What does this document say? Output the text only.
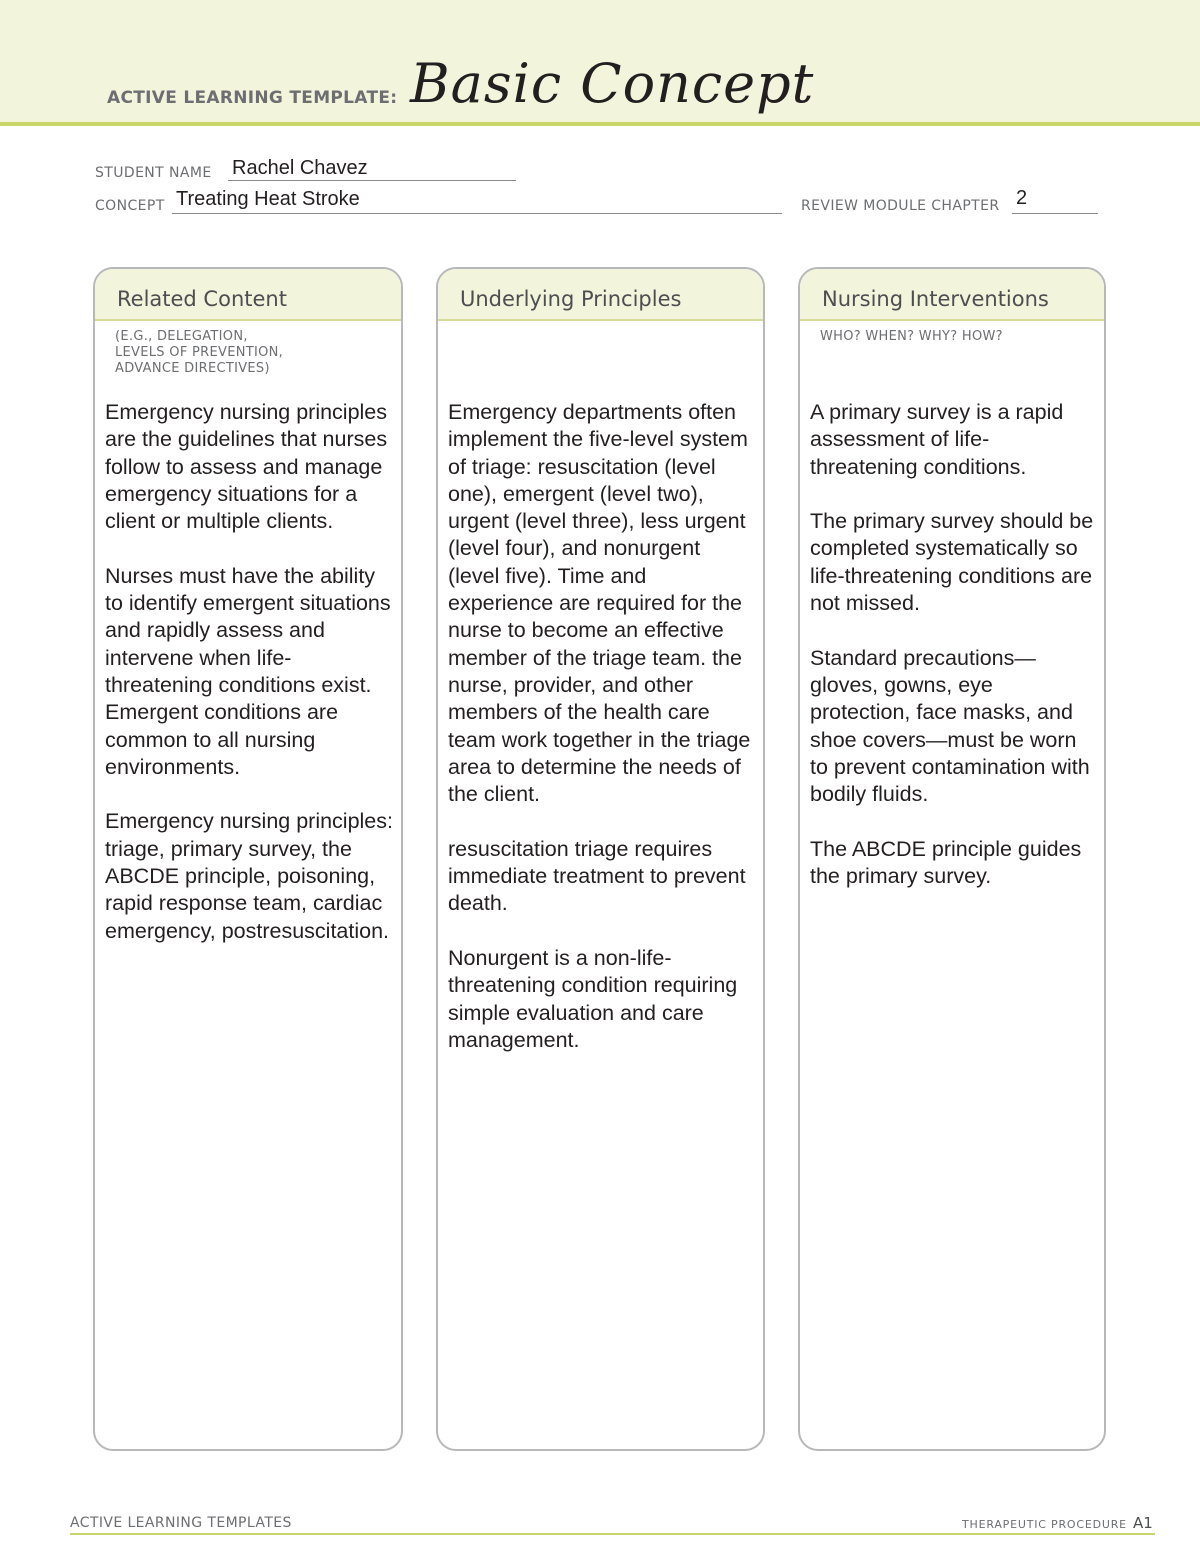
ACTIVE LEARNING TEMPLATE: Basic Concept
STUDENT NAME Rachel Chavez
CONCEPT Treating Heat Stroke	REVIEW MODULE CHAPTER 2
Related Content
(E.G., DELEGATION,
LEVELS OF PREVENTION,
ADVANCE DIRECTIVES)

Emergency nursing principles are the guidelines that nurses follow to assess and manage emergency situations for a client or multiple clients.

Nurses must have the ability to identify emergent situations and rapidly assess and intervene when life-threatening conditions exist. Emergent conditions are common to all nursing environments.

Emergency nursing principles: triage, primary survey, the ABCDE principle, poisoning, rapid response team, cardiac emergency, postresuscitation.

Underlying Principles

Emergency departments often implement the five-level system of triage: resuscitation (level one), emergent (level two), urgent (level three), less urgent (level four), and nonurgent (level five). Time and experience are required for the nurse to become an effective member of the triage team. the nurse, provider, and other members of the health care team work together in the triage area to determine the needs of the client.

resuscitation triage requires immediate treatment to prevent death.

Nonurgent is a non-life-threatening condition requiring simple evaluation and care management.

Nursing Interventions
WHO? WHEN? WHY? HOW?

A primary survey is a rapid assessment of life-threatening conditions.

The primary survey should be completed systematically so life-threatening conditions are not missed.

Standard precautions—gloves, gowns, eye protection, face masks, and shoe covers—must be worn to prevent contamination with bodily fluids.

The ABCDE principle guides the primary survey.

ACTIVE LEARNING TEMPLATES	THERAPEUTIC PROCEDURE A1
